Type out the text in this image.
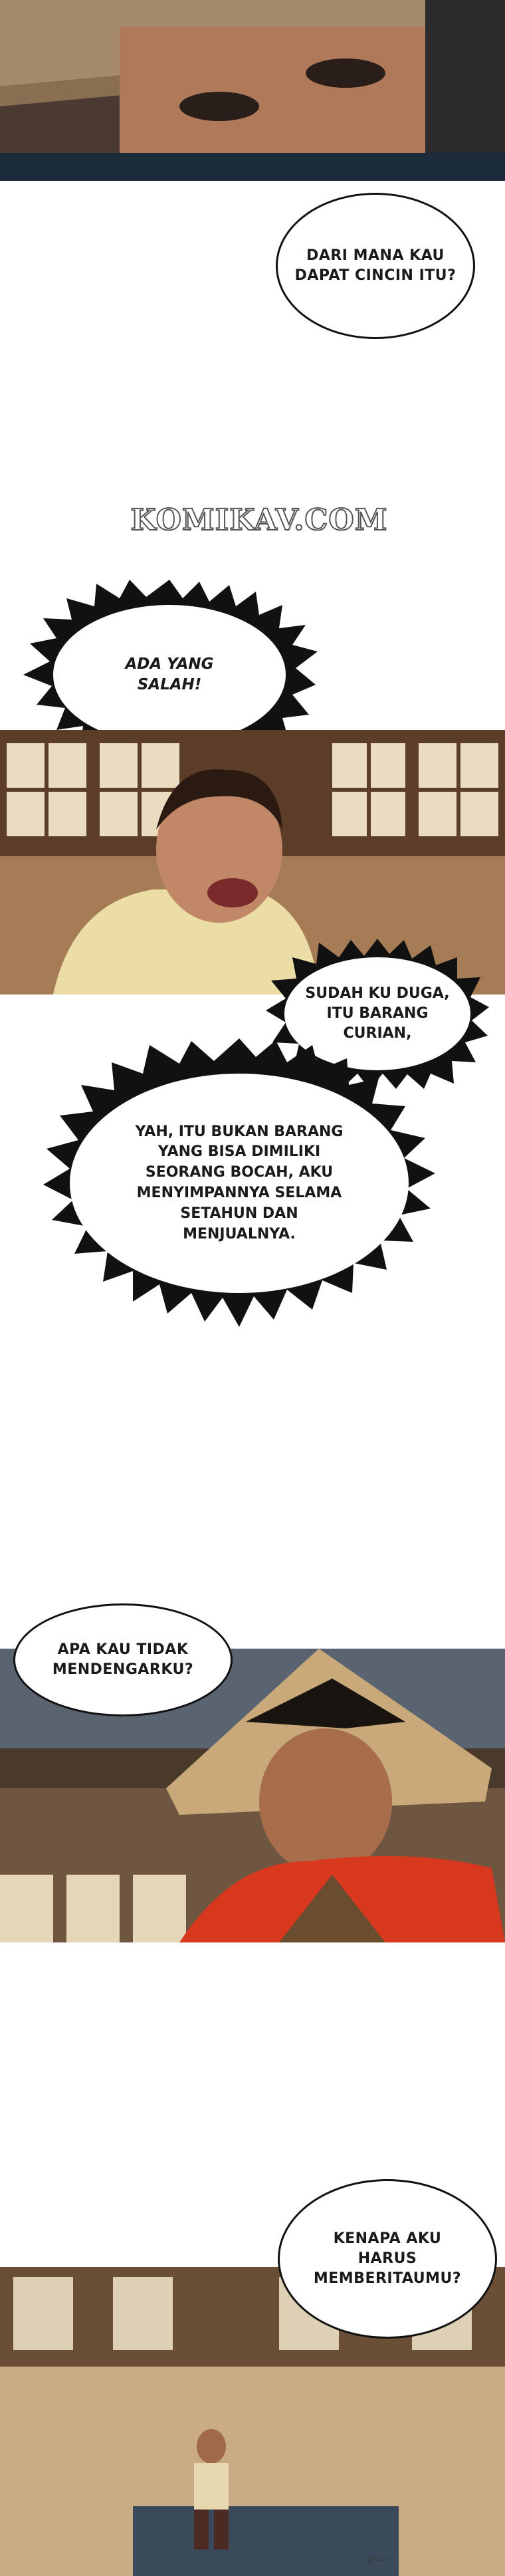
DARI MANA KAU
DAPAT CINCIN ITU?
KOMIKAV.COM
ADA YANG
SALAH!
SUDAH KU DUGA,
ITU BARANG
CURIAN,
YAH, ITU BUKAN BARANG
YANG BISA DIMILIKI
SEORANG BOCAH, AKU
MENYIMPANNYA SELAMA
SETAHUN DAN
MENJUALNYA.
APA KAU TIDAK
MENDENGARKU?
KENAPA AKU
HARUS
MEMBERITAUMU?
ㅎㅡ
